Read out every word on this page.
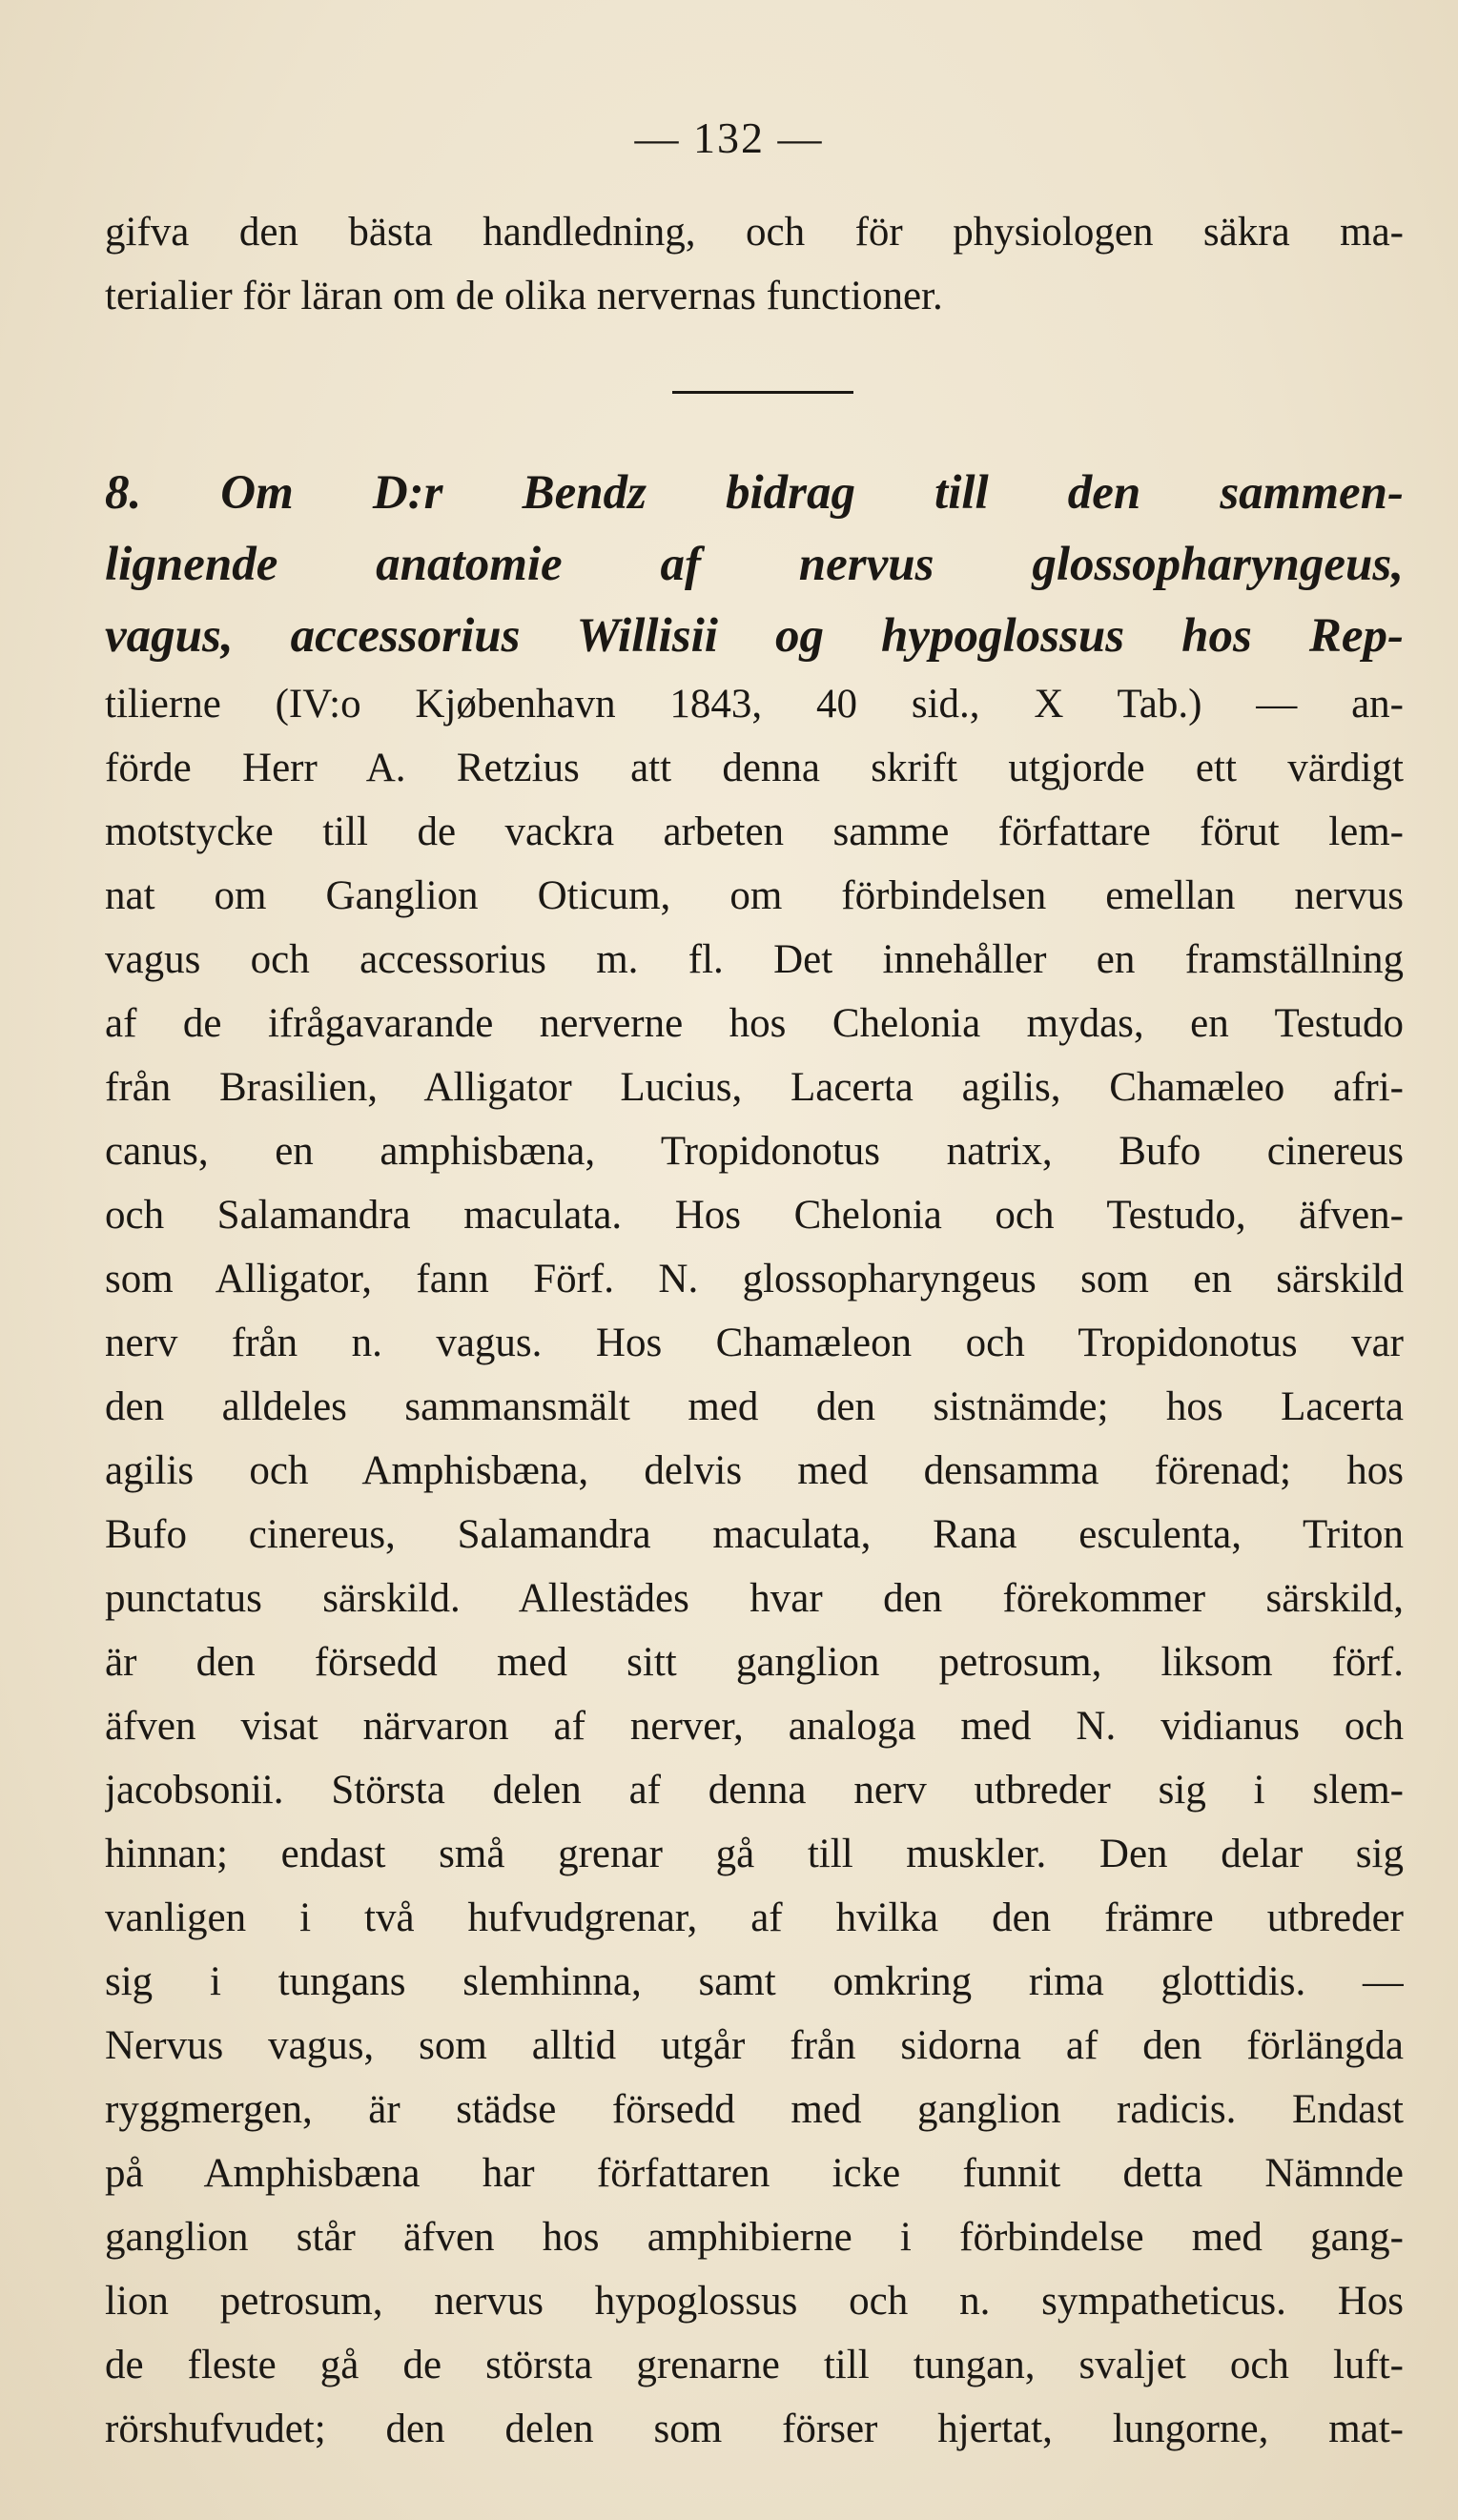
— 132 —
gifva den bästa handledning, och för physiologen säkra ma-
terialier för läran om de olika nervernas functioner.
8. Om D:r Bendz bidrag till den sammen-
lignende anatomie af nervus glossopharyngeus,
vagus, accessorius Willisii og hypoglossus hos Rep-
tilierne (IV:o Kjøbenhavn 1843, 40 sid., X Tab.) — an-
förde Herr A. Retzius att denna skrift utgjorde ett värdigt
motstycke till de vackra arbeten samme författare förut lem-
nat om Ganglion Oticum, om förbindelsen emellan nervus
vagus och accessorius m. fl. Det innehåller en framställning
af de ifrågavarande nerverne hos Chelonia mydas, en Testudo
från Brasilien, Alligator Lucius, Lacerta agilis, Chamæleo afri-
canus, en amphisbæna, Tropidonotus natrix, Bufo cinereus
och Salamandra maculata. Hos Chelonia och Testudo, äfven-
som Alligator, fann Förf. N. glossopharyngeus som en särskild
nerv från n. vagus. Hos Chamæleon och Tropidonotus var
den alldeles sammansmält med den sistnämde; hos Lacerta
agilis och Amphisbæna, delvis med densamma förenad; hos
Bufo cinereus, Salamandra maculata, Rana esculenta, Triton
punctatus särskild. Allestädes hvar den förekommer särskild,
är den försedd med sitt ganglion petrosum, liksom förf.
äfven visat närvaron af nerver, analoga med N. vidianus och
jacobsonii. Största delen af denna nerv utbreder sig i slem-
hinnan; endast små grenar gå till muskler. Den delar sig
vanligen i två hufvudgrenar, af hvilka den främre utbreder
sig i tungans slemhinna, samt omkring rima glottidis. —
Nervus vagus, som alltid utgår från sidorna af den förlängda
ryggmergen, är städse försedd med ganglion radicis. Endast
på Amphisbæna har författaren icke funnit detta Nämnde
ganglion står äfven hos amphibierne i förbindelse med gang-
lion petrosum, nervus hypoglossus och n. sympatheticus. Hos
de fleste gå de största grenarne till tungan, svaljet och luft-
rörshufvudet; den delen som förser hjertat, lungorne, mat-
